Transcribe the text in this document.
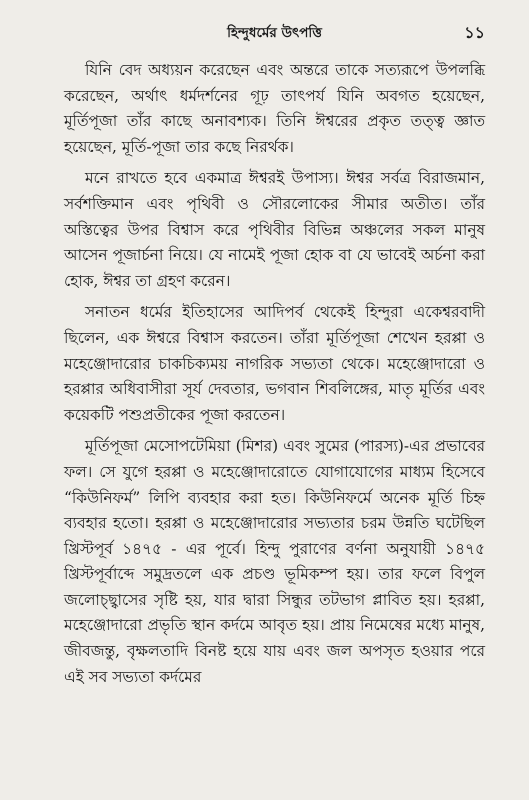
হিন্দুধর্মের উৎপত্তি	১১

যিনি বেদ অধ্যয়ন করেছেন এবং অন্তরে তাকে সত্যরূপে উপলব্ধি করেছেন, অর্থাৎ ধর্মদর্শনের গূঢ় তাৎপর্য যিনি অবগত হয়েছেন, মূর্তিপূজা তাঁর কাছে অনাবশ্যক। তিনি ঈশ্বরের প্রকৃত তত্ত্ব জ্ঞাত হয়েছেন, মূর্তি-পূজা তার কছে নিরর্থক।

মনে রাখতে হবে একমাত্র ঈশ্বরই উপাস্য। ঈশ্বর সর্বত্র বিরাজমান, সর্বশক্তিমান এবং পৃথিবী ও সৌরলোকের সীমার অতীত। তাঁর অস্তিত্বের উপর বিশ্বাস করে পৃথিবীর বিভিন্ন অঞ্চলের সকল মানুষ আসেন পূজার্চনা নিয়ে। যে নামেই পূজা হোক বা যে ভাবেই অর্চনা করা হোক, ঈশ্বর তা গ্রহণ করেন।

সনাতন ধর্মের ইতিহাসের আদিপর্ব থেকেই হিন্দুরা একেশ্বরবাদী ছিলেন, এক ঈশ্বরে বিশ্বাস করতেন। তাঁরা মূর্তিপূজা শেখেন হরপ্পা ও মহেঞ্জোদারোর চাকচিক্যময় নাগরিক সভ্যতা থেকে। মহেঞ্জোদারো ও হরপ্পার অধিবাসীরা সূর্য দেবতার, ভগবান শিবলিঙ্গের, মাতৃ মূর্তির এবং কয়েকটি পশুপ্রতীকের পূজা করতেন।

মূর্তিপূজা মেসোপটেমিয়া (মিশর) এবং সুমের (পারস্য)-এর প্রভাবের ফল। সে যুগে হরপ্পা ও মহেঞ্জোদারোতে যোগাযোগের মাধ্যম হিসেবে “কিউনিফর্ম” লিপি ব্যবহার করা হত। কিউনিফর্মে অনেক মূর্তি চিহ্ন ব্যবহার হতো। হরপ্পা ও মহেঞ্জোদারোর সভ্যতার চরম উন্নতি ঘটেছিল খ্রিস্টপূর্ব ১৪৭৫ - এর পূর্বে। হিন্দু পুরাণের বর্ণনা অনুযায়ী ১৪৭৫ খ্রিস্টপূর্বাব্দে সমুদ্রতলে এক প্রচণ্ড ভূমিকম্প হয়। তার ফলে বিপুল জলোচ্ছ্বাসের সৃষ্টি হয়, যার দ্বারা সিন্ধুর তটভাগ প্লাবিত হয়। হরপ্পা, মহেঞ্জোদারো প্রভৃতি স্থান কর্দমে আবৃত হয়। প্রায় নিমেষের মধ্যে মানুষ, জীবজন্তু, বৃক্ষলতাদি বিনষ্ট হয়ে যায় এবং জল অপসৃত হওয়ার পরে এই সব সভ্যতা কর্দমের
